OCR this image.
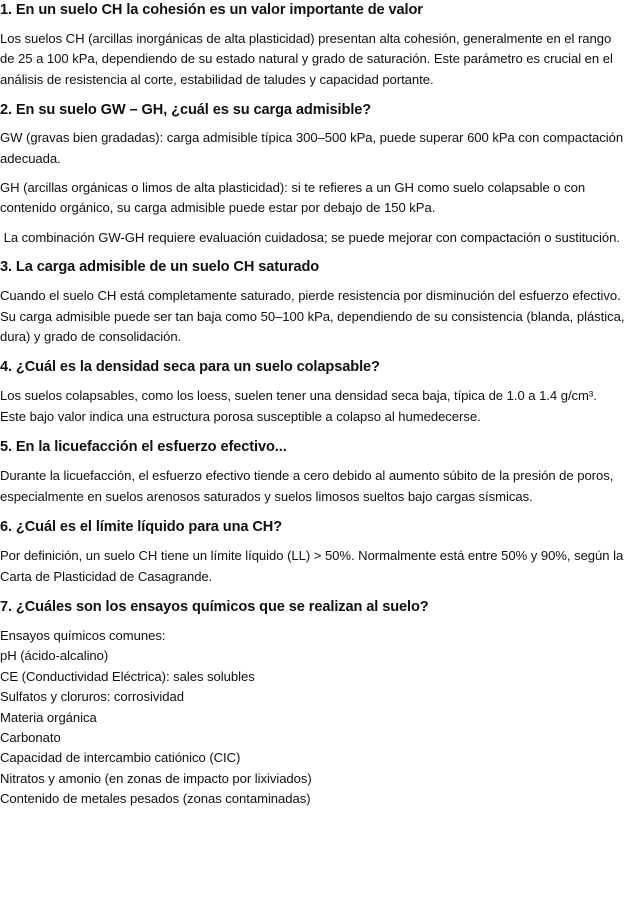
1. En un suelo CH la cohesión es un valor importante de valor

Los suelos CH (arcillas inorgánicas de alta plasticidad) presentan alta cohesión, generalmente en el rango de 25 a 100 kPa, dependiendo de su estado natural y grado de saturación. Este parámetro es crucial en el análisis de resistencia al corte, estabilidad de taludes y capacidad portante.

2. En su suelo GW – GH, ¿cuál es su carga admisible?

GW (gravas bien gradadas): carga admisible típica 300–500 kPa, puede superar 600 kPa con compactación adecuada.

GH (arcillas orgánicas o limos de alta plasticidad): si te refieres a un GH como suelo colapsable o con contenido orgánico, su carga admisible puede estar por debajo de 150 kPa.

La combinación GW-GH requiere evaluación cuidadosa; se puede mejorar con compactación o sustitución.

3. La carga admisible de un suelo CH saturado

Cuando el suelo CH está completamente saturado, pierde resistencia por disminución del esfuerzo efectivo. Su carga admisible puede ser tan baja como 50–100 kPa, dependiendo de su consistencia (blanda, plástica, dura) y grado de consolidación.

4. ¿Cuál es la densidad seca para un suelo colapsable?

Los suelos colapsables, como los loess, suelen tener una densidad seca baja, típica de 1.0 a 1.4 g/cm³. Este bajo valor indica una estructura porosa susceptible a colapso al humedecerse.

5. En la licuefacción el esfuerzo efectivo...

Durante la licuefacción, el esfuerzo efectivo tiende a cero debido al aumento súbito de la presión de poros, especialmente en suelos arenosos saturados y suelos limosos sueltos bajo cargas sísmicas.

6. ¿Cuál es el límite líquido para una CH?

Por definición, un suelo CH tiene un límite líquido (LL) > 50%. Normalmente está entre 50% y 90%, según la Carta de Plasticidad de Casagrande.

7. ¿Cuáles son los ensayos químicos que se realizan al suelo?

Ensayos químicos comunes:

pH (ácido-alcalino)

CE (Conductividad Eléctrica): sales solubles

Sulfatos y cloruros: corrosividad

Materia orgánica

Carbonato

Capacidad de intercambio catiónico (CIC)

Nitratos y amonio (en zonas de impacto por lixiviados)

Contenido de metales pesados (zonas contaminadas)
